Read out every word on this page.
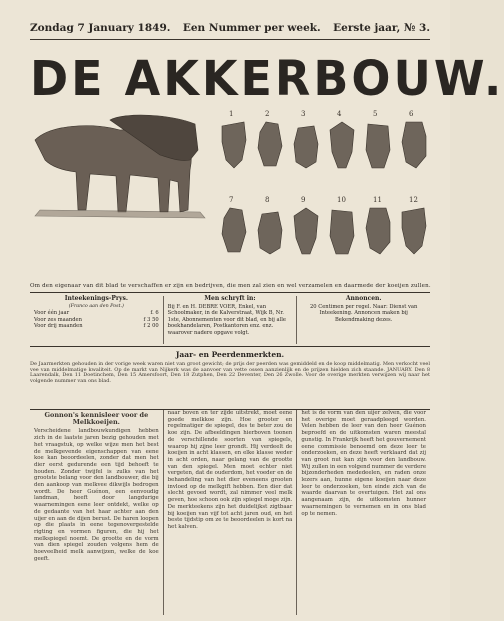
Zondag 7 January 1849. Een Nummer per week. Eerste jaar, № 3.
DE AKKERBOUW.
1	2	3	4	5	6
7	8	9	10	11	12
Om den eigenaar van dit blad te verschaffen er zijn en bedrijven, die men zal zien en wel verzamelen en daarmede der koeijen zullen.
Inteekenings-Prys.
(Franco aan den Post.)
Voor één jaar	f. 6
Voor zes maanden	f 3 50
Voor drij maanden	f 2 00
Men schryft in:
Bij F. en H. DEBRE VOER, Enkel, van Schoolmaker, in de Kalverstraat, Wijk B, Nr. 1ste, Abonnementen voor dit blad, en bij alle boekhandelaren, Postkantoren enz. enz. waarover nadere opgave volgt.
Annoncen.
20 Centimen per regel. Naar: Dienst van Inteekening. Annoncen maken bij Bekendmaking dezes.
Jaar- en Peerdenmerkten.
De Jaarmerkten gehouden in der vorige week waren niet van groot gewicht; de prijs der peerden was gemiddeld en de koop middelmatig. Men verkocht veel vee van middelmatige kwaliteit. Op de markt van Nijkerk was de aanvoer van vette ossen aanzienlijk en de prijzen hielden zich staande. JANUARY. Den 8 Laarendalk, Den 11 Doetinchem, Den 15 Amersfoort, Den 18 Zutphen, Den 22 Deventer, Den 26 Zwolle. Voor de overige merkten verwijzen wij naar het volgende nummer van ons blad.
Gonnon's kennisleer voor de Melkkoeijen.
Verscheidene landbouwkundigen hebben zich in de laatste jaren bezig gehouden met het vraagstuk, op welke wijze men het best de melkgevende eigenschappen van eene koe kan beoordeelen, zonder dat men het dier eerst gedurende een tijd behoeft te houden. Zonder twijfel is zulks van het grootste belang voor den landbouwer, die bij den aankoop van melkvee dikwijls bedrogen wordt. De heer Guénon, een eenvoudig landman, heeft door langdurige waarnemingen eene leer ontdekt, welke op de gedaante van het haar achter aan den uijer en aan de dijen berust. De haren loopen op die plaats in eene tegenovergestelde rigting en vormen figuren, die hij het melkspiegel noemt. De grootte en de vorm van dien spiegel zouden volgens hem de hoeveelheid melk aanwijzen, welke de koe geeft.
naar boven en ter zijde uitstrekt, moet eene goede melkkoe zijn. Hoe grooter en regelmatiger de spiegel, des te beter zou de koe zijn. De afbeeldingen hierboven toonen de verschillende soorten van spiegels, waarop hij zijne leer grondt. Hij verdeelt de koeijen in acht klassen, en elke klasse weder in acht orden, naar gelang van de grootte van den spiegel. Men moet echter niet vergeten, dat de ouderdom, het voeder en de behandeling van het dier eveneens grooten invloed op de melkgift hebben. Een dier dat slecht gevoed wordt, zal nimmer veel melk geven, hoe schoon ook zijn spiegel moge zijn. De merkteekens zijn het duidelijkst zigtbaar bij koeijen van vijf tot acht jaren oud, en het beste tijdstip om ze te beoordeelen is kort na het kalven.
het is de vorm van den uijer zelven, die voor het overige moet geraadpleegd worden. Velen hebben de leer van den heer Guénon beproefd en de uitkomsten waren meestal gunstig. In Frankrijk heeft het gouvernement eene commissie benoemd om deze leer te onderzoeken, en deze heeft verklaard dat zij van groot nut kan zijn voor den landbouw. Wij zullen in een volgend nummer de verdere bijzonderheden mededeelen, en raden onze lezers aan, hunne eigene koeijen naar deze leer te onderzoeken, ten einde zich van de waarde daarvan te overtuigen. Het zal ons aangenaam zijn, de uitkomsten hunner waarnemingen te vernemen en in ons blad op te nemen.
